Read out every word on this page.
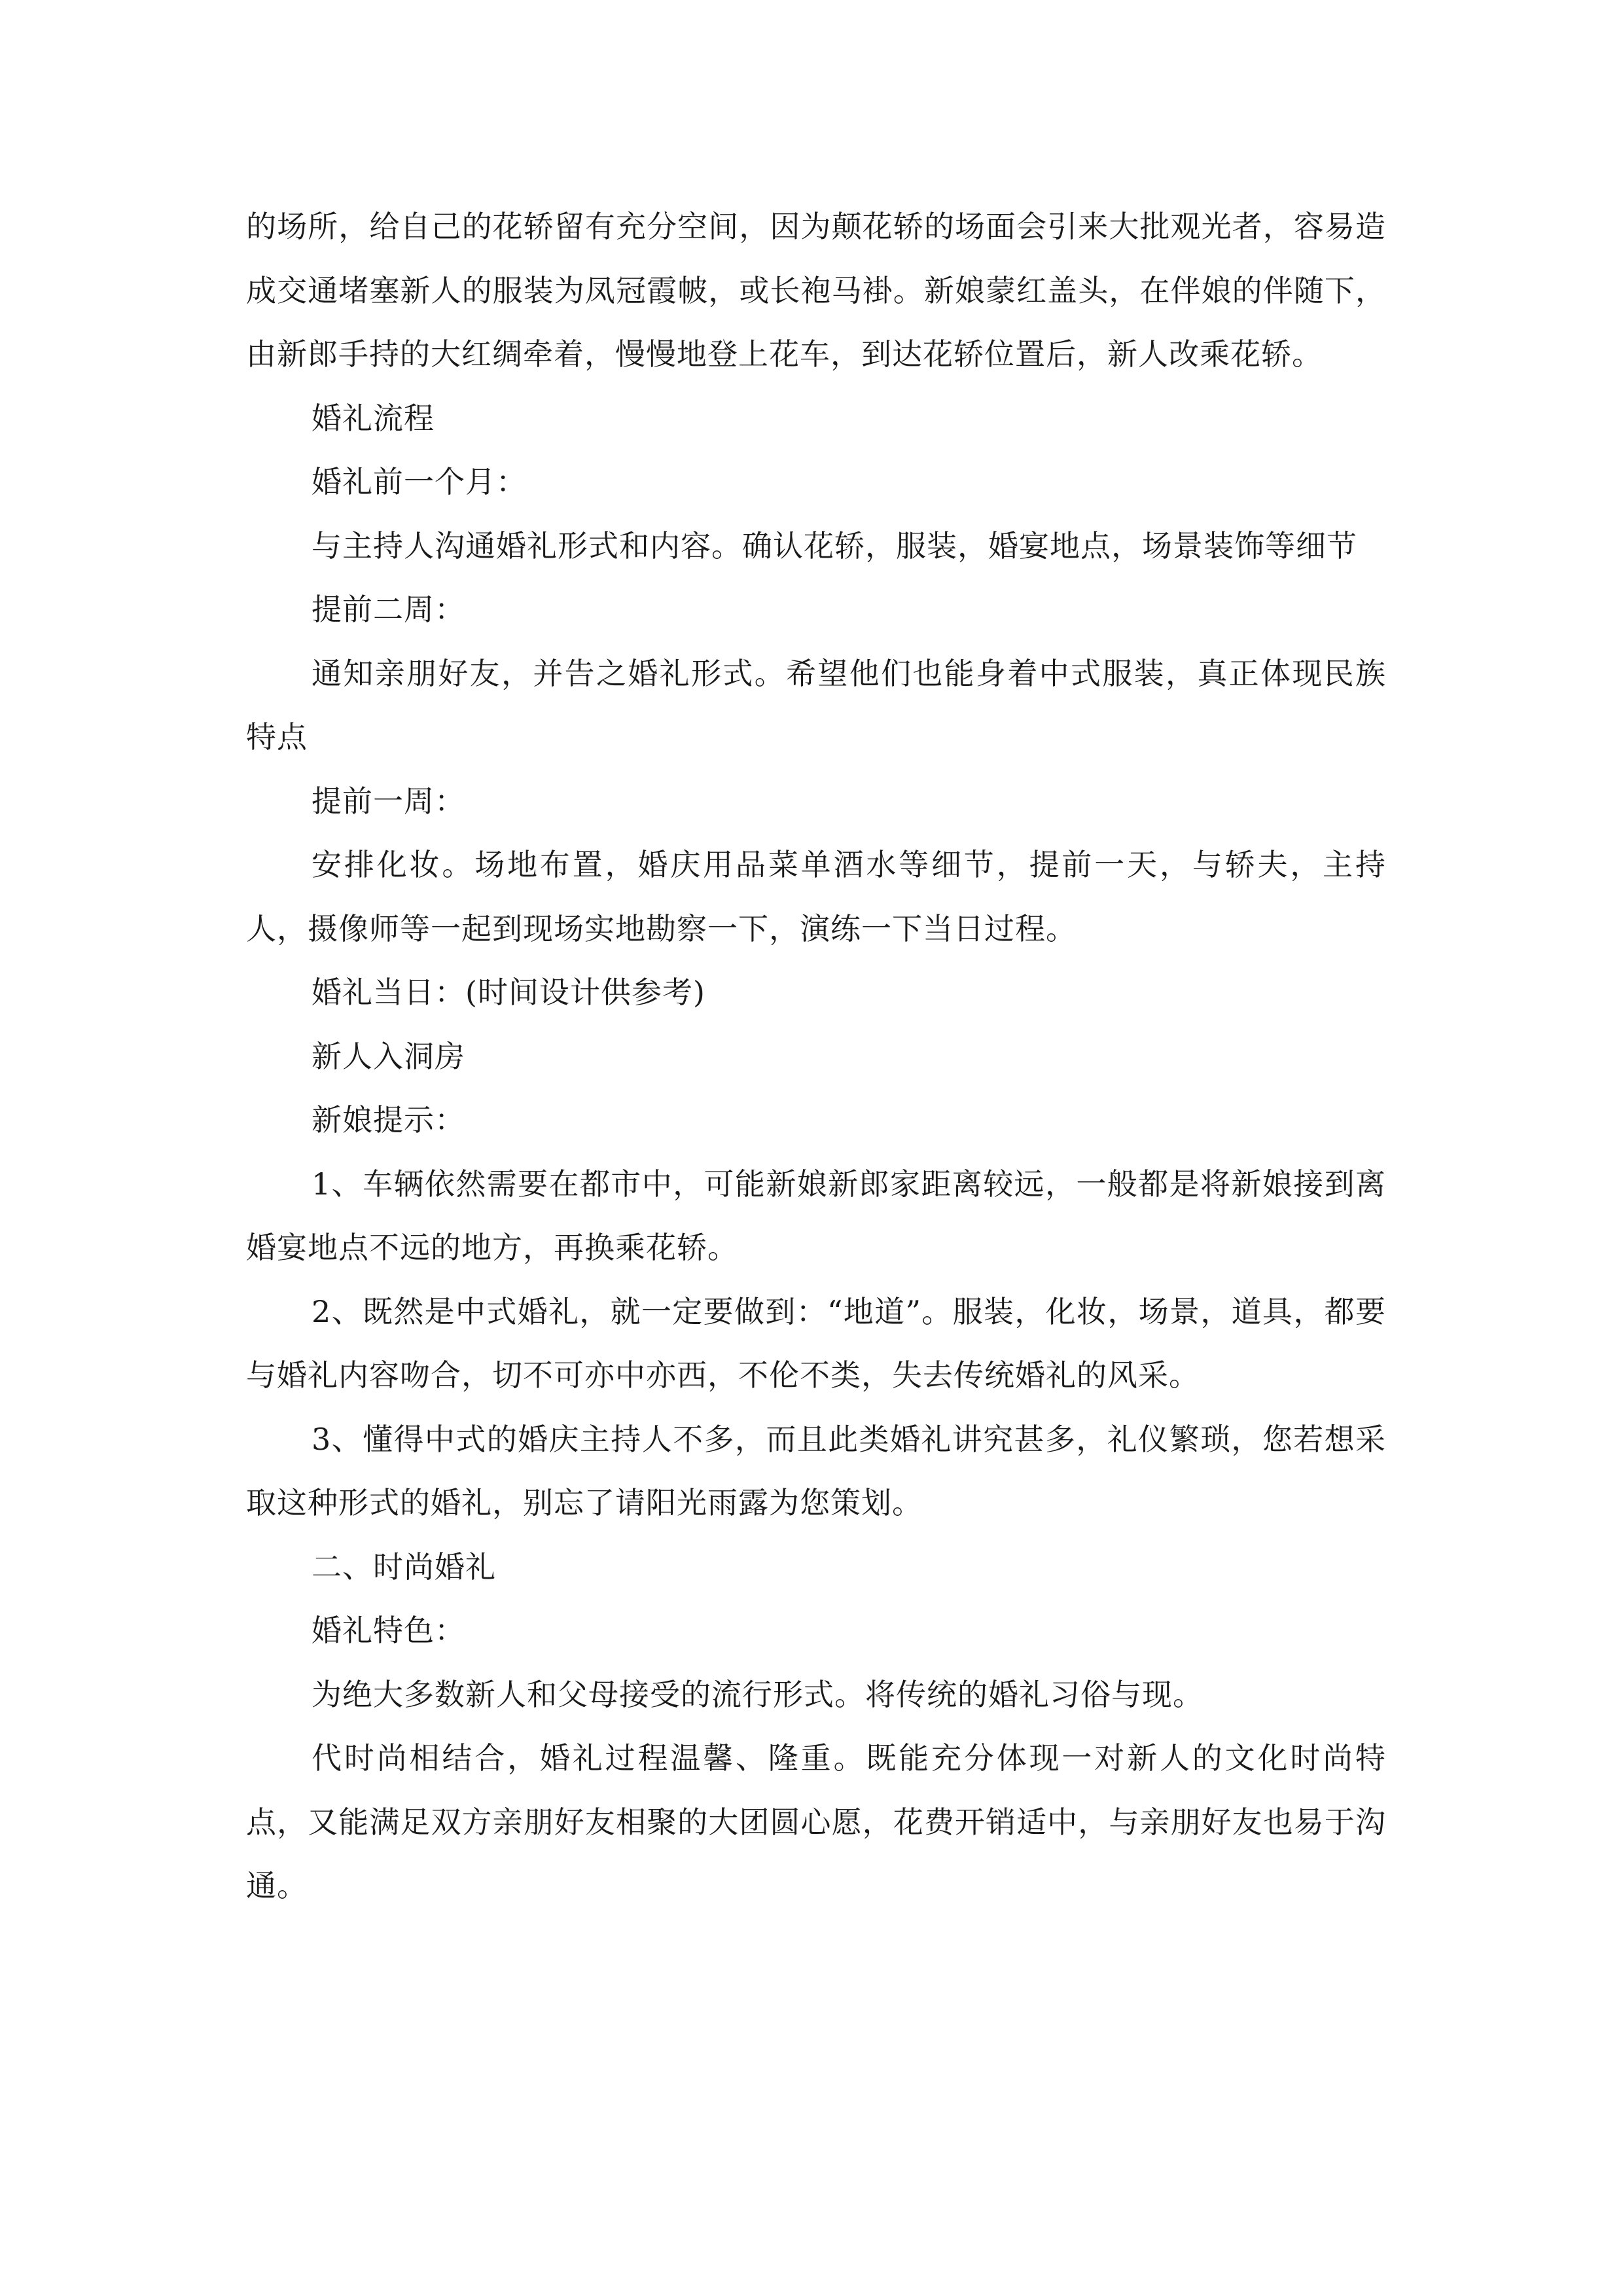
的场所，给自己的花轿留有充分空间，因为颠花轿的场面会引来大批观光者，容易造成交通堵塞新人的服装为凤冠霞帔，或长袍马褂。新娘蒙红盖头，在伴娘的伴随下，由新郎手持的大红绸牵着，慢慢地登上花车，到达花轿位置后，新人改乘花轿。

婚礼流程

婚礼前一个月：

与主持人沟通婚礼形式和内容。确认花轿，服装，婚宴地点，场景装饰等细节

提前二周：

通知亲朋好友，并告之婚礼形式。希望他们也能身着中式服装，真正体现民族特点

提前一周：

安排化妆。场地布置，婚庆用品菜单酒水等细节，提前一天，与轿夫，主持人，摄像师等一起到现场实地勘察一下，演练一下当日过程。

婚礼当日：(时间设计供参考)

新人入洞房

新娘提示：

1、车辆依然需要在都市中，可能新娘新郎家距离较远，一般都是将新娘接到离婚宴地点不远的地方，再换乘花轿。

2、既然是中式婚礼，就一定要做到：“地道”。服装，化妆，场景，道具，都要与婚礼内容吻合，切不可亦中亦西，不伦不类，失去传统婚礼的风采。

3、懂得中式的婚庆主持人不多，而且此类婚礼讲究甚多，礼仪繁琐，您若想采取这种形式的婚礼，别忘了请阳光雨露为您策划。

二、时尚婚礼

婚礼特色：

为绝大多数新人和父母接受的流行形式。将传统的婚礼习俗与现。

代时尚相结合，婚礼过程温馨、隆重。既能充分体现一对新人的文化时尚特点，又能满足双方亲朋好友相聚的大团圆心愿，花费开销适中，与亲朋好友也易于沟通。
